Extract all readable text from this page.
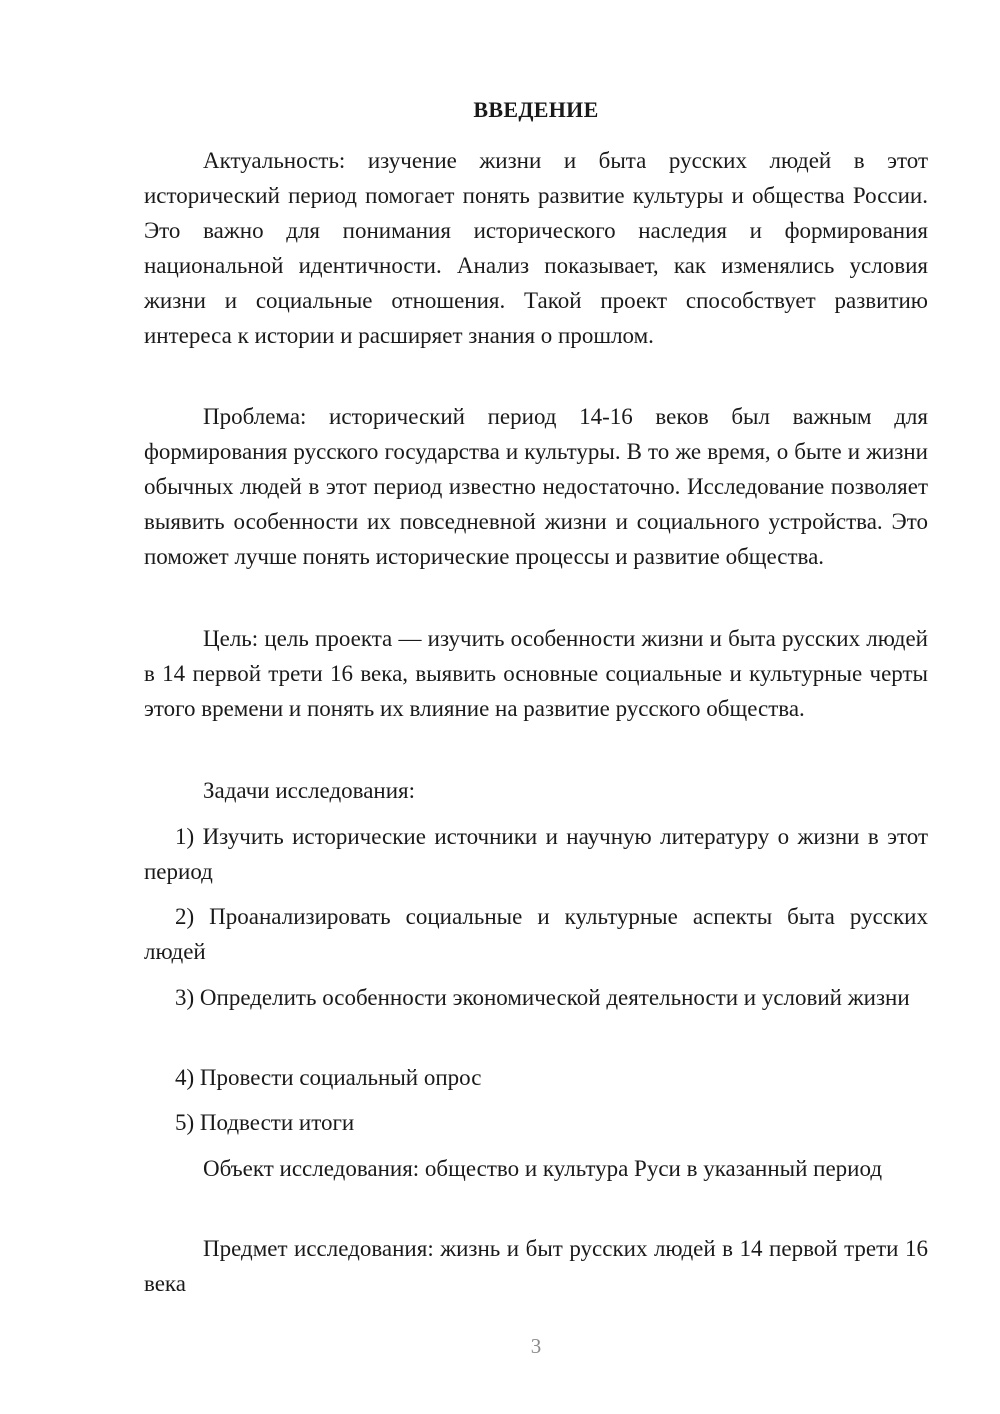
ВВЕДЕНИЕ

Актуальность: изучение жизни и быта русских людей в этот исторический период помогает понять развитие культуры и общества России. Это важно для понимания исторического наследия и формирования национальной идентичности. Анализ показывает, как изменялись условия жизни и социальные отношения. Такой проект способствует развитию интереса к истории и расширяет знания о прошлом.

Проблема: исторический период 14-16 веков был важным для формирования русского государства и культуры. В то же время, о быте и жизни обычных людей в этот период известно недостаточно. Исследование позволяет выявить особенности их повседневной жизни и социального устройства. Это поможет лучше понять исторические процессы и развитие общества.

Цель: цель проекта — изучить особенности жизни и быта русских людей в 14 первой трети 16 века, выявить основные социальные и культурные черты этого времени и понять их влияние на развитие русского общества.

Задачи исследования:

1) Изучить исторические источники и научную литературу о жизни в этот период

2) Проанализировать социальные и культурные аспекты быта русских людей

3) Определить особенности экономической деятельности и условий жизни

4) Провести социальный опрос

5) Подвести итоги

Объект исследования: общество и культура Руси в указанный период

Предмет исследования: жизнь и быт русских людей в 14 первой трети 16 века

3
